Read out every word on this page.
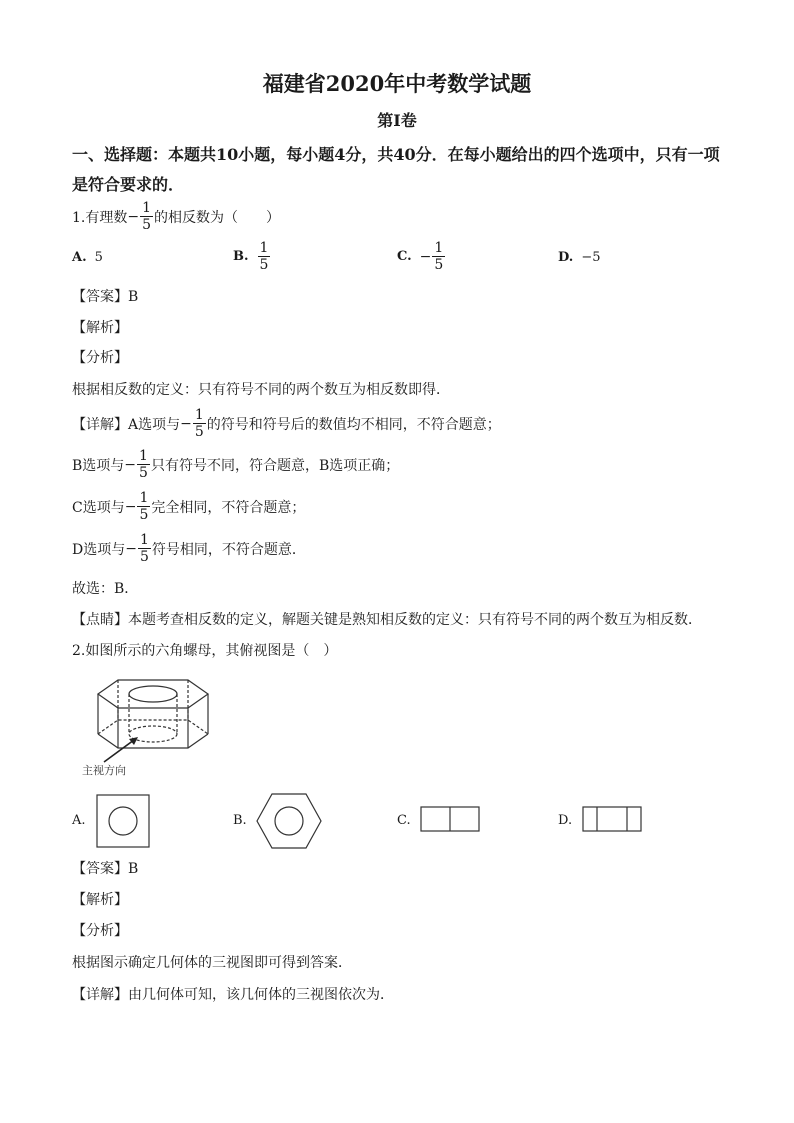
福建省2020年中考数学试题
第Ⅰ卷
一、选择题：本题共10小题，每小题4分，共40分．在每小题给出的四个选项中，只有一项是符合要求的．
1.有理数 − $\frac{1}{5}$ 的相反数为（　　）
A. 5	B. $\frac{1}{5}$	C. − $\frac{1}{5}$	D. −5
【答案】B
【解析】
【分析】
根据相反数的定义：只有符号不同的两个数互为相反数即得．
【详解】 A选项与 − $\frac{1}{5}$ 的符号和符号后的数值均不相同，不符合题意；
B选项与 − $\frac{1}{5}$ 只有符号不同，符合题意，B选项正确；
C选项与 − $\frac{1}{5}$ 完全相同，不符合题意；
D选项与 − $\frac{1}{5}$ 符号相同，不符合题意．
故选：B．
【点睛】本题考查相反数的定义，解题关键是熟知相反数的定义：只有符号不同的两个数互为相反数．
2.如图所示的六角螺母，其俯视图是（　）
主视方向
A.	B.	C.	D.
【答案】B
【解析】
【分析】
根据图示确定几何体的三视图即可得到答案．
【详解】由几何体可知，该几何体的三视图依次为．
